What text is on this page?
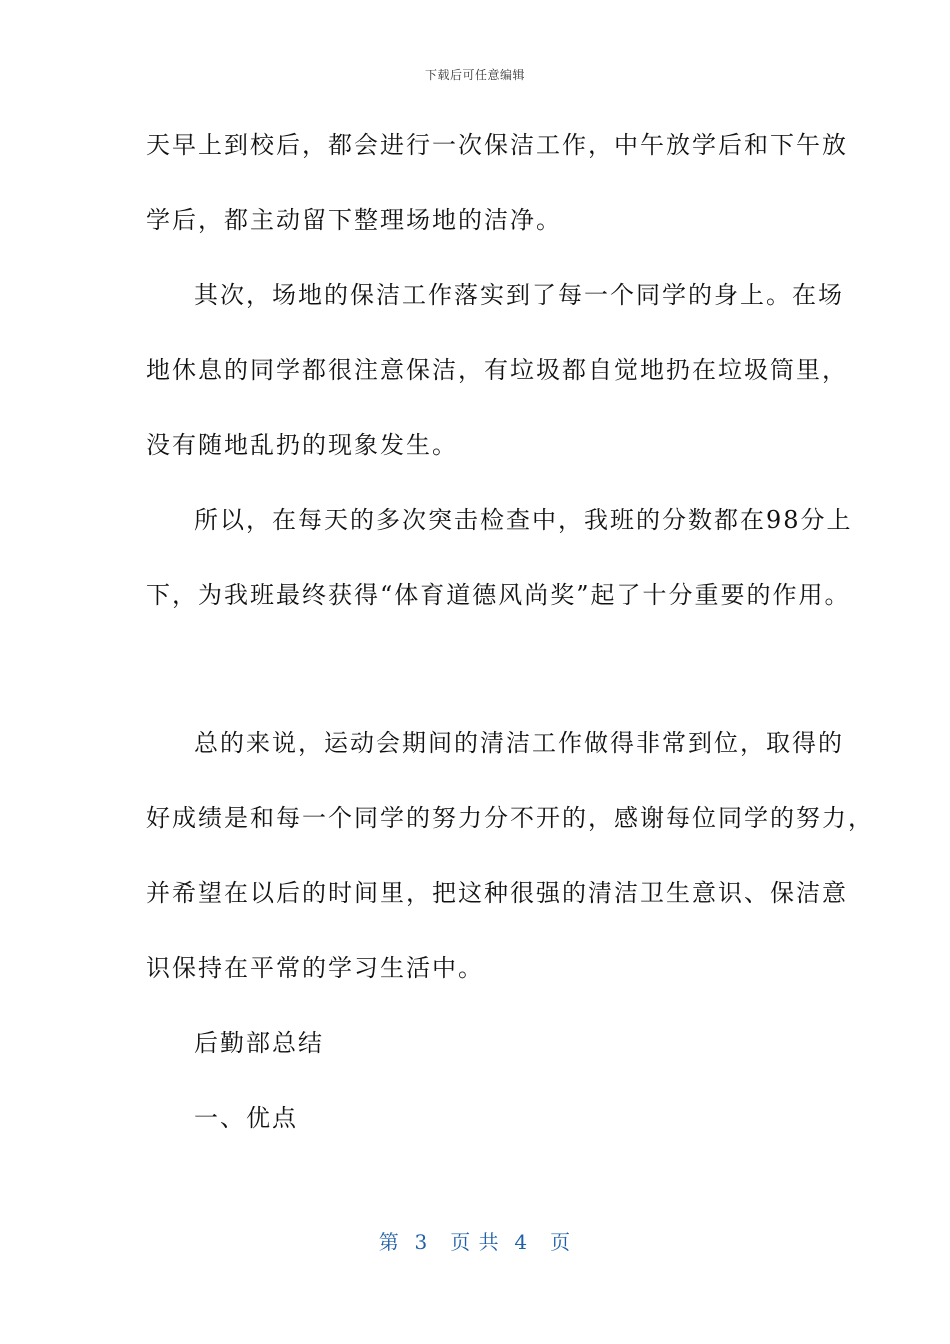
下载后可任意编辑
天早上到校后，都会进行一次保洁工作，中午放学后和下午放
学后，都主动留下整理场地的洁净。
其次，场地的保洁工作落实到了每一个同学的身上。在场
地休息的同学都很注意保洁，有垃圾都自觉地扔在垃圾筒里，
没有随地乱扔的现象发生。
所以，在每天的多次突击检查中，我班的分数都在98分上
下，为我班最终获得“体育道德风尚奖”起了十分重要的作用。
总的来说，运动会期间的清洁工作做得非常到位，取得的
好成绩是和每一个同学的努力分不开的，感谢每位同学的努力，
并希望在以后的时间里，把这种很强的清洁卫生意识、保洁意
识保持在平常的学习生活中。
后勤部总结
一、优点
第  3   页 共  4   页
